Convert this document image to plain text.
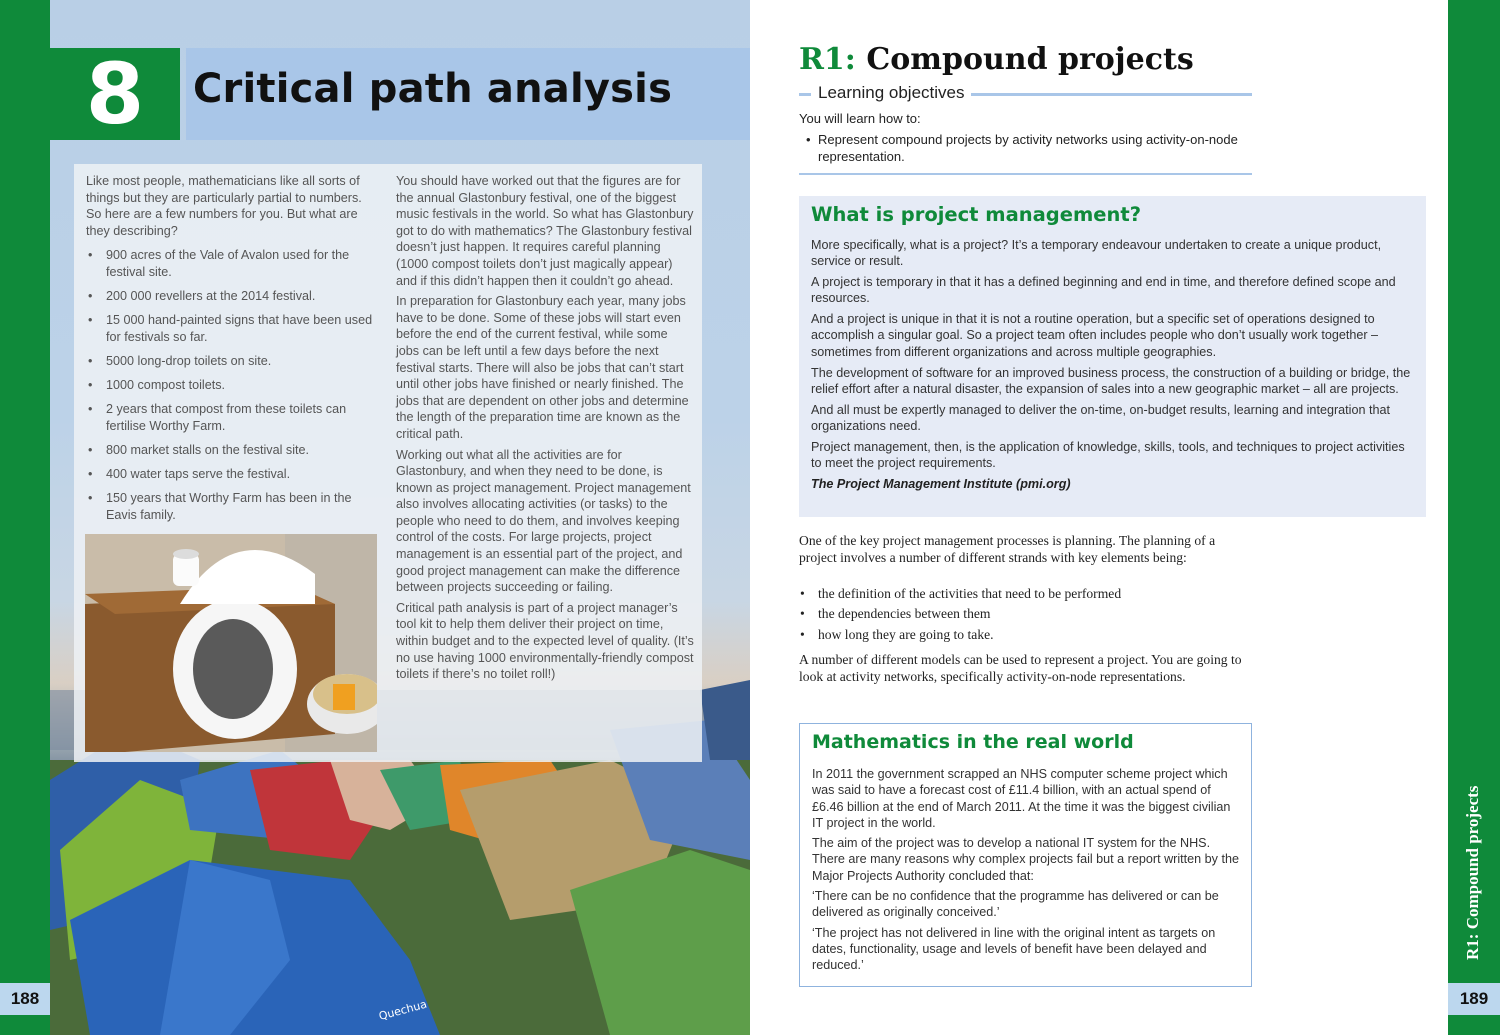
Quechua
188
8	Critical path analysis

Like most people, mathematicians like all sorts of things but they are particularly partial to numbers. So here are a few numbers for you. But what are they describing?

• 900 acres of the Vale of Avalon used for the festival site.
• 200 000 revellers at the 2014 festival.
• 15 000 hand-painted signs that have been used for festivals so far.
• 5000 long-drop toilets on site.
• 1000 compost toilets.
• 2 years that compost from these toilets can fertilise Worthy Farm.
• 800 market stalls on the festival site.
• 400 water taps serve the festival.
• 150 years that Worthy Farm has been in the Eavis family.

You should have worked out that the figures are for the annual Glastonbury festival, one of the biggest music festivals in the world. So what has Glastonbury got to do with mathematics? The Glastonbury festival doesn’t just happen. It requires careful planning (1000 compost toilets don’t just magically appear) and if this didn’t happen then it couldn’t go ahead.

In preparation for Glastonbury each year, many jobs have to be done. Some of these jobs will start even before the end of the current festival, while some jobs can be left until a few days before the next festival starts. There will also be jobs that can’t start until other jobs have finished or nearly finished. The jobs that are dependent on other jobs and determine the length of the preparation time are known as the critical path.

Working out what all the activities are for Glastonbury, and when they need to be done, is known as project management. Project management also involves allocating activities (or tasks) to the people who need to do them, and involves keeping control of the costs. For large projects, project management is an essential part of the project, and good project management can make the difference between projects succeeding or failing.

Critical path analysis is part of a project manager’s tool kit to help them deliver their project on time, within budget and to the expected level of quality. (It’s no use having 1000 environmentally-friendly compost toilets if there’s no toilet roll!)

R1: Compound projects
189
R1: Compound projects
Learning objectives
You will learn how to:
• Represent compound projects by activity networks using activity-on-node representation.
What is project management?

More specifically, what is a project? It’s a temporary endeavour undertaken to create a unique product, service or result.

A project is temporary in that it has a defined beginning and end in time, and therefore defined scope and resources.

And a project is unique in that it is not a routine operation, but a specific set of operations designed to accomplish a singular goal. So a project team often includes people who don’t usually work together – sometimes from different organizations and across multiple geographies.

The development of software for an improved business process, the construction of a building or bridge, the relief effort after a natural disaster, the expansion of sales into a new geographic market – all are projects.

And all must be expertly managed to deliver the on-time, on-budget results, learning and integration that organizations need.

Project management, then, is the application of knowledge, skills, tools, and techniques to project activities to meet the project requirements.

The Project Management Institute (pmi.org)

One of the key project management processes is planning. The planning of a project involves a number of different strands with key elements being:
• the definition of the activities that need to be performed
• the dependencies between them
• how long they are going to take.
A number of different models can be used to represent a project. You are going to look at activity networks, specifically activity-on-node representations.
Mathematics in the real world

In 2011 the government scrapped an NHS computer scheme project which was said to have a forecast cost of £11.4 billion, with an actual spend of £6.46 billion at the end of March 2011. At the time it was the biggest civilian IT project in the world.

The aim of the project was to develop a national IT system for the NHS. There are many reasons why complex projects fail but a report written by the Major Projects Authority concluded that:

‘There can be no confidence that the programme has delivered or can be delivered as originally conceived.’

‘The project has not delivered in line with the original intent as targets on dates, functionality, usage and levels of benefit have been delayed and reduced.’
